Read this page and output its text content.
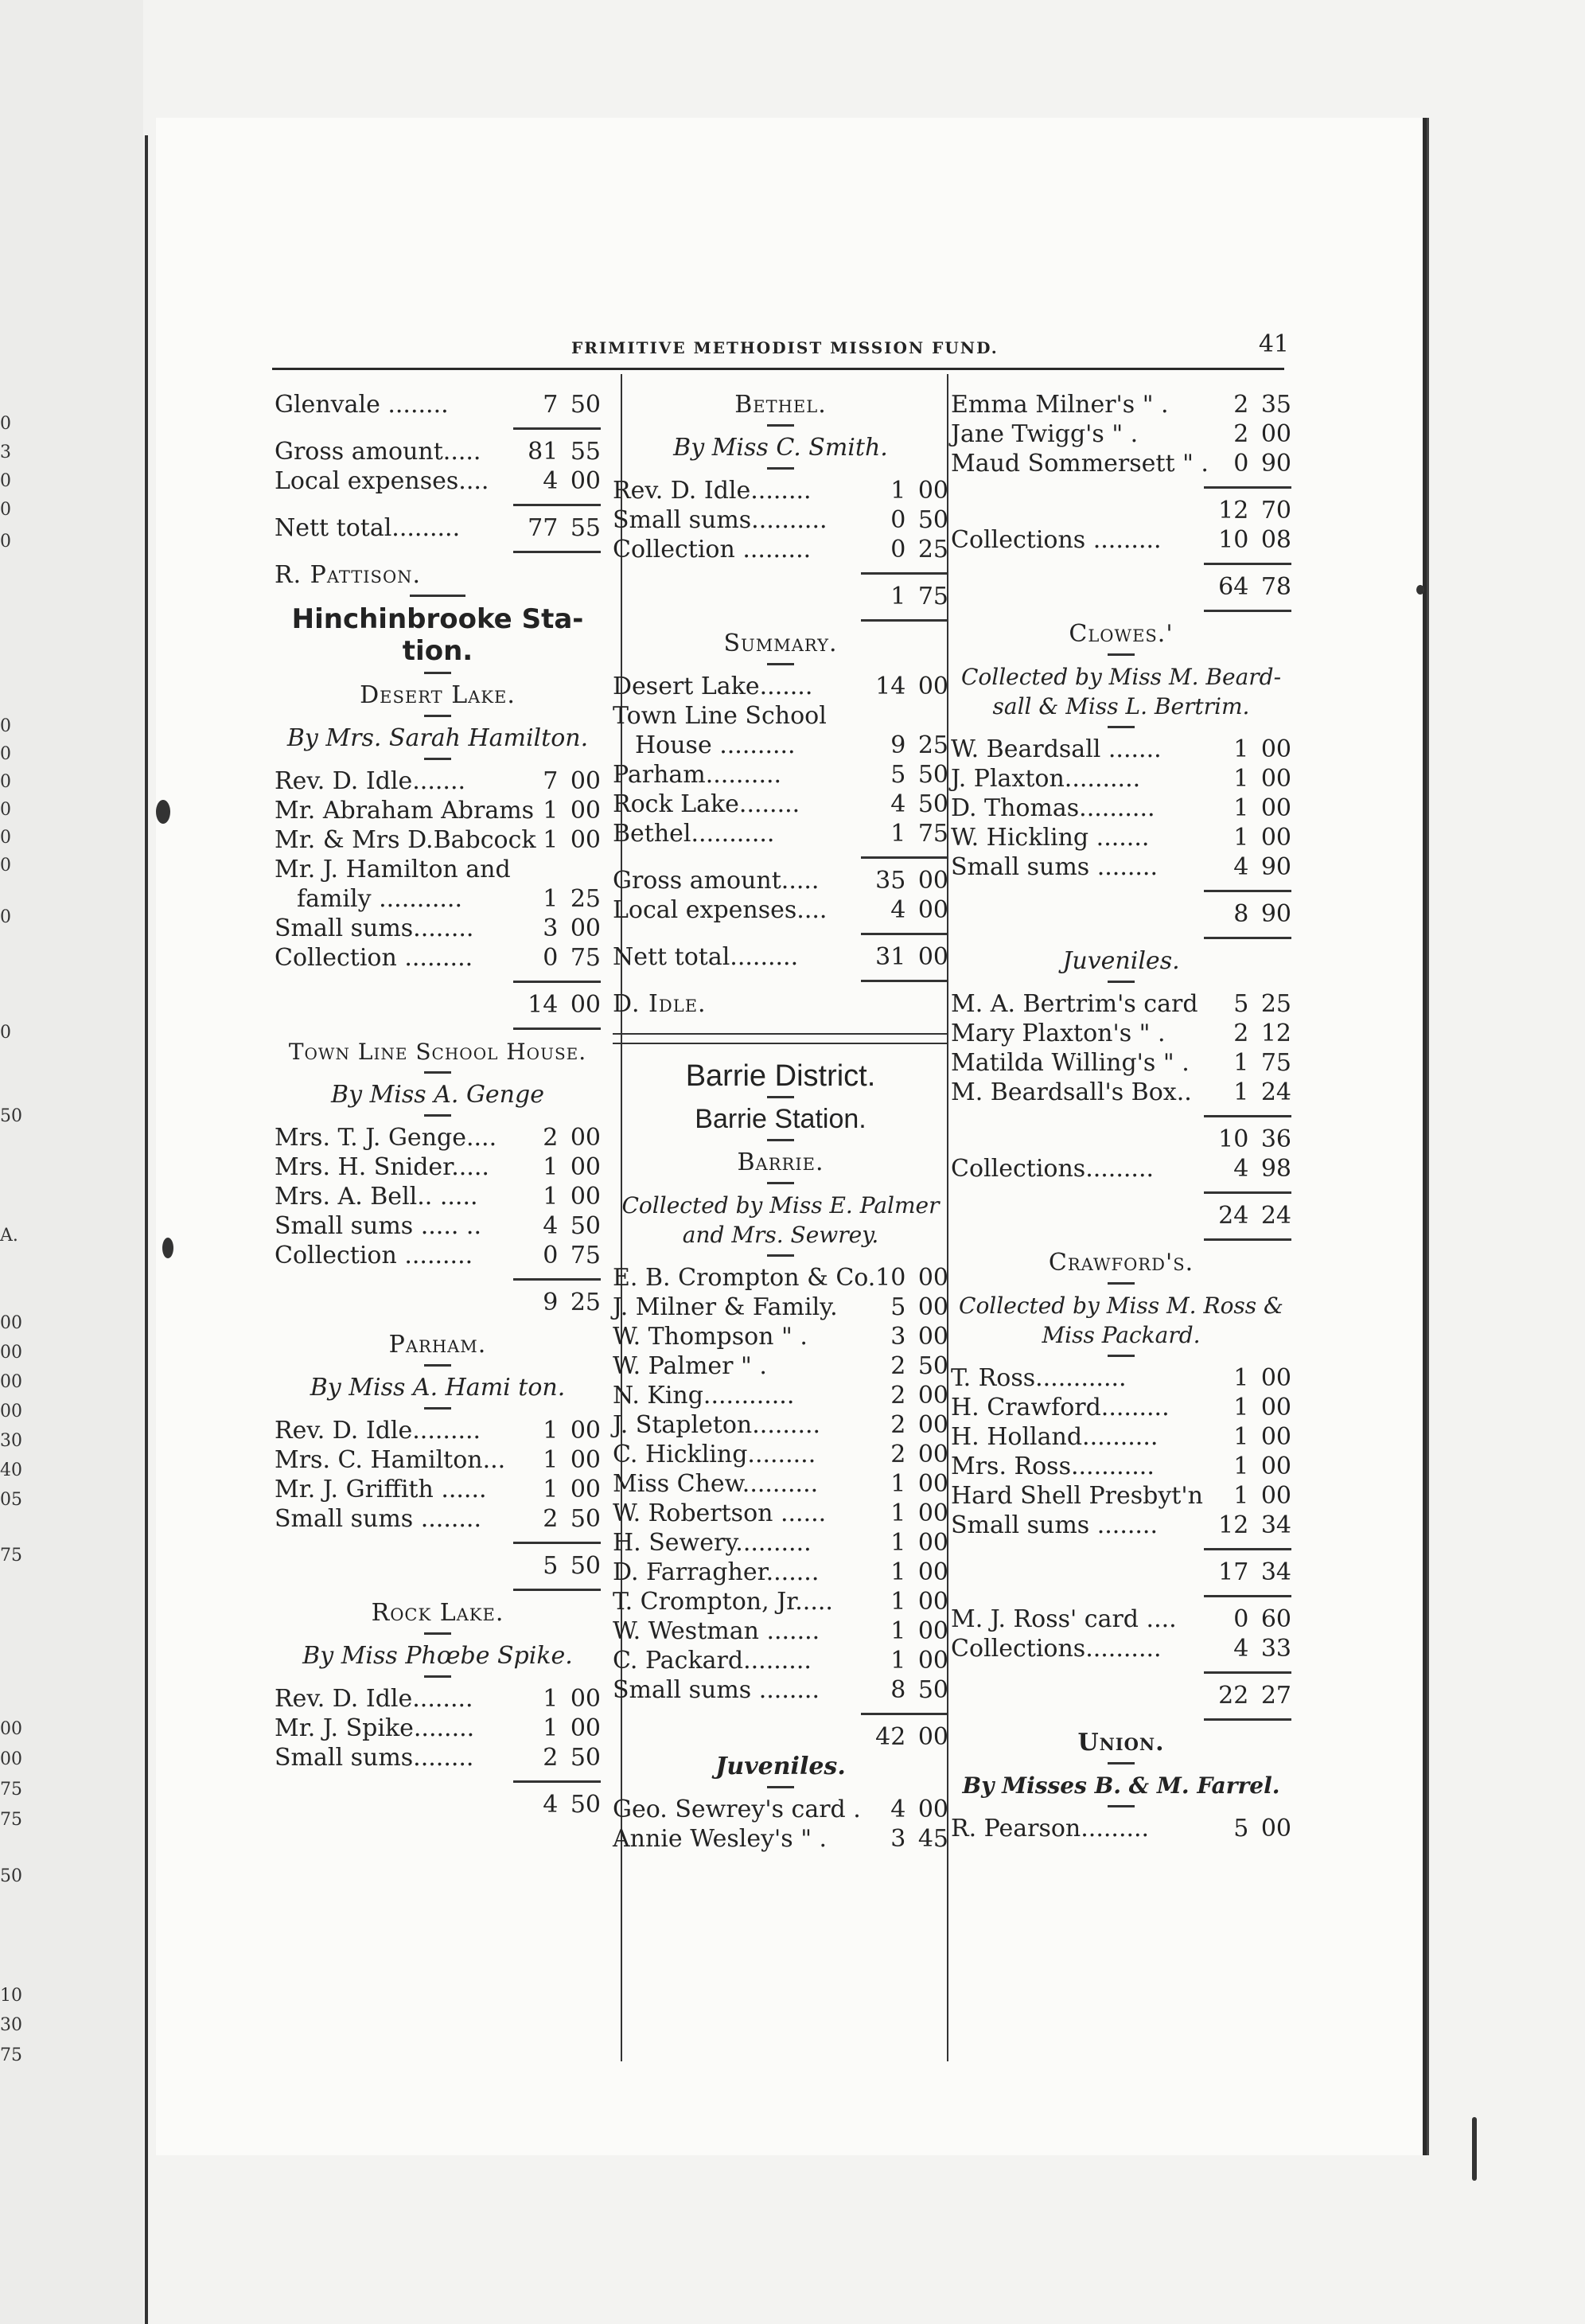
0
3
0
0
0
0
0
0
0
0
0
0
0
50
A.
00
00
00
00
30
40
05
75
00
00
75
75
50
10
30
75
FRIMITIVE METHODIST MISSION FUND.	41
Glenvale ........	7 50
Gross amount.....	81 55
Local expenses....	4 00
Nett total.........	77 55
R. Pattison.
Hinchinbrooke Sta-
tion.
Desert Lake.
By Mrs. Sarah Hamilton.
Rev. D. Idle.......	7 00
Mr. Abraham Abrams 1 00
Mr. & Mrs D.Babcock 1 00
Mr. J. Hamilton and
family ...........	1 25
Small sums........	3 00
Collection .........	0 75
14 00
Town Line School House.
By Miss A. Genge
Mrs. T. J. Genge....	2 00
Mrs. H. Snider.....	1 00
Mrs. A. Bell.. .....	1 00
Small sums ..... ..	4 50
Collection .........	0 75
9 25
Parham.
By Miss A. Hami ton.
Rev. D. Idle.........	1 00
Mrs. C. Hamilton...	1 00
Mr. J. Griffith ......	1 00
Small sums ........	2 50
5 50
Rock Lake.
By Miss Phœbe Spike.
Rev. D. Idle........	1 00
Mr. J. Spike........	1 00
Small sums........	2 50
4 50
Bethel.
By Miss C. Smith.
Rev. D. Idle........	1 00
Small sums..........	0 50
Collection .........	0 25
1 75
Summary.
Desert Lake.......	14 00
Town Line School
House ..........	9 25
Parham..........	5 50
Rock Lake........	4 50
Bethel...........	1 75
Gross amount.....	35 00
Local expenses....	4 00
Nett total.........	31 00
D. Idle.
Barrie District.
Barrie Station.
Barrie.
Collected by Miss E. Palmer
and Mrs. Sewrey.
E. B. Crompton & Co. 10 00
J. Milner & Family.	5 00
W. Thompson " .	3 00
W. Palmer " .	2 50
N. King............	2 00
J. Stapleton.........	2 00
C. Hickling.........	2 00
Miss Chew..........	1 00
W. Robertson ......	1 00
H. Sewery..........	1 00
D. Farragher.......	1 00
T. Crompton, Jr.....	1 00
W. Westman .......	1 00
C. Packard.........	1 00
Small sums ........	8 50
42 00
Juveniles.
Geo. Sewrey's card .	4 00
Annie Wesley's " .	3 45
Emma Milner's " .	2 35
Jane Twigg's " .	2 00
Maud Sommersett " .	0 90
12 70
Collections .........	10 08
64 78
Clowes.'
Collected by Miss M. Beard-
sall & Miss L. Bertrim.
W. Beardsall .......	1 00
J. Plaxton..........	1 00
D. Thomas..........	1 00
W. Hickling .......	1 00
Small sums ........	4 90
8 90
Juveniles.
M. A. Bertrim's card	5 25
Mary Plaxton's " .	2 12
Matilda Willing's " .	1 75
M. Beardsall's Box..	1 24
10 36
Collections.........	4 98
24 24
Crawford's.
Collected by Miss M. Ross &
Miss Packard.
T. Ross............	1 00
H. Crawford.........	1 00
H. Holland..........	1 00
Mrs. Ross...........	1 00
Hard Shell Presbyt'n	1 00
Small sums ........	12 34
17 34
M. J. Ross' card ....	0 60
Collections..........	4 33
22 27
Union.
By Misses B. & M. Farrel.
R. Pearson.........	5 00
